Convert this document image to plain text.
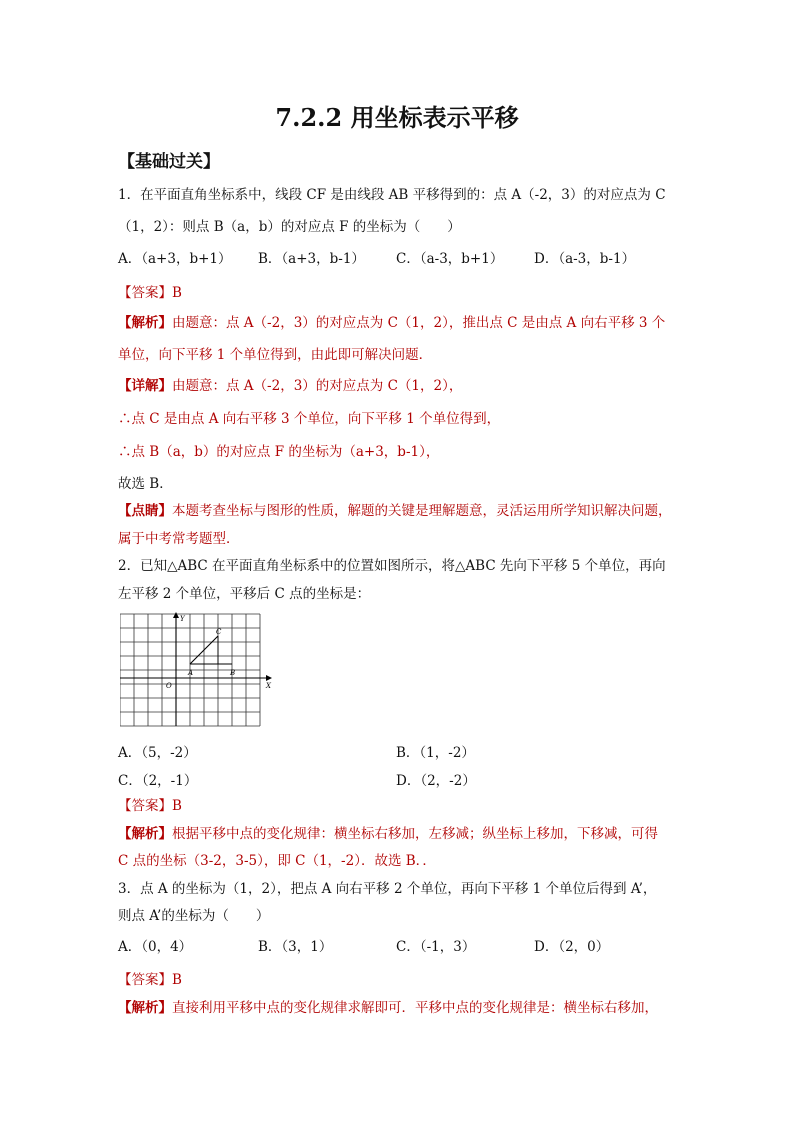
7.2.2 用坐标表示平移
【基础过关】
1．在平面直角坐标系中，线段 CF 是由线段 AB 平移得到的：点 A（-2，3）的对应点为 C
（1，2）：则点 B（a，b）的对应点 F 的坐标为（　　）
A．（a+3，b+1） B．（a+3，b-1） C．（a-3，b+1） D．（a-3，b-1）
【答案】B
【解析】由题意：点 A（-2，3）的对应点为 C（1，2），推出点 C 是由点 A 向右平移 3 个
单位，向下平移 1 个单位得到，由此即可解决问题．
【详解】由题意：点 A（-2，3）的对应点为 C（1，2），
∴点 C 是由点 A 向右平移 3 个单位，向下平移 1 个单位得到，
∴点 B（a，b）的对应点 F 的坐标为（a+3，b-1），
故选 B．
【点睛】本题考查坐标与图形的性质，解题的关键是理解题意，灵活运用所学知识解决问题，
属于中考常考题型．
2．已知△ABC 在平面直角坐标系中的位置如图所示，将△ABC 先向下平移 5 个单位，再向
左平移 2 个单位，平移后 C 点的坐标是：
Y
X
O
A	B
C
A．（5，-2）	B．（1，-2）
C．（2，-1）	D．（2，-2）
【答案】B
【解析】根据平移中点的变化规律：横坐标右移加，左移减；纵坐标上移加，下移减，可得
C 点的坐标（3-2，3-5），即 C（1，-2）．故选 B．．
3．点 A 的坐标为（1，2），把点 A 向右平移 2 个单位，再向下平移 1 个单位后得到 A’，
则点 A’的坐标为（　　）
A．（0，4）	B．（3，1）	C．（-1，3）	D．（2，0）
【答案】B
【解析】直接利用平移中点的变化规律求解即可．平移中点的变化规律是：横坐标右移加，
